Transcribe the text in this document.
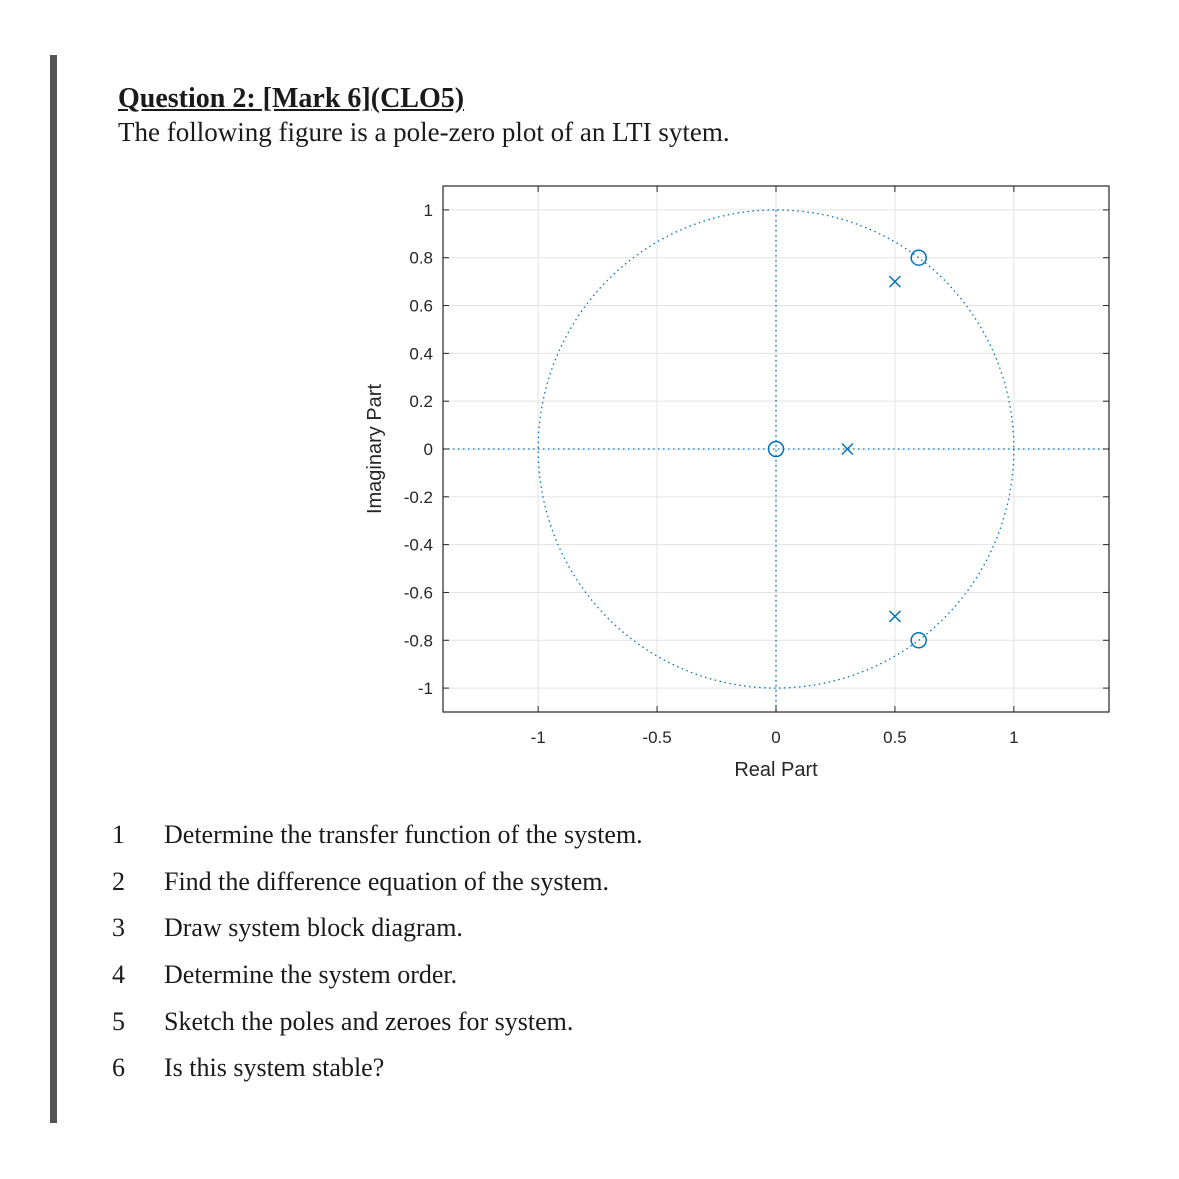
Question 2: [Mark 6](CLO5)

The following figure is a pole-zero plot of an LTI sytem.

-1	-0.5	0	0.5	1
1
0.8
0.6
0.4
0.2
0
-0.2
-0.4
-0.6
-0.8
-1
Real Part
Imaginary Part
1	Determine the transfer function of the system.
2	Find the difference equation of the system.
3	Draw system block diagram.
4	Determine the system order.
5	Sketch the poles and zeroes for system.
6	Is this system stable?
